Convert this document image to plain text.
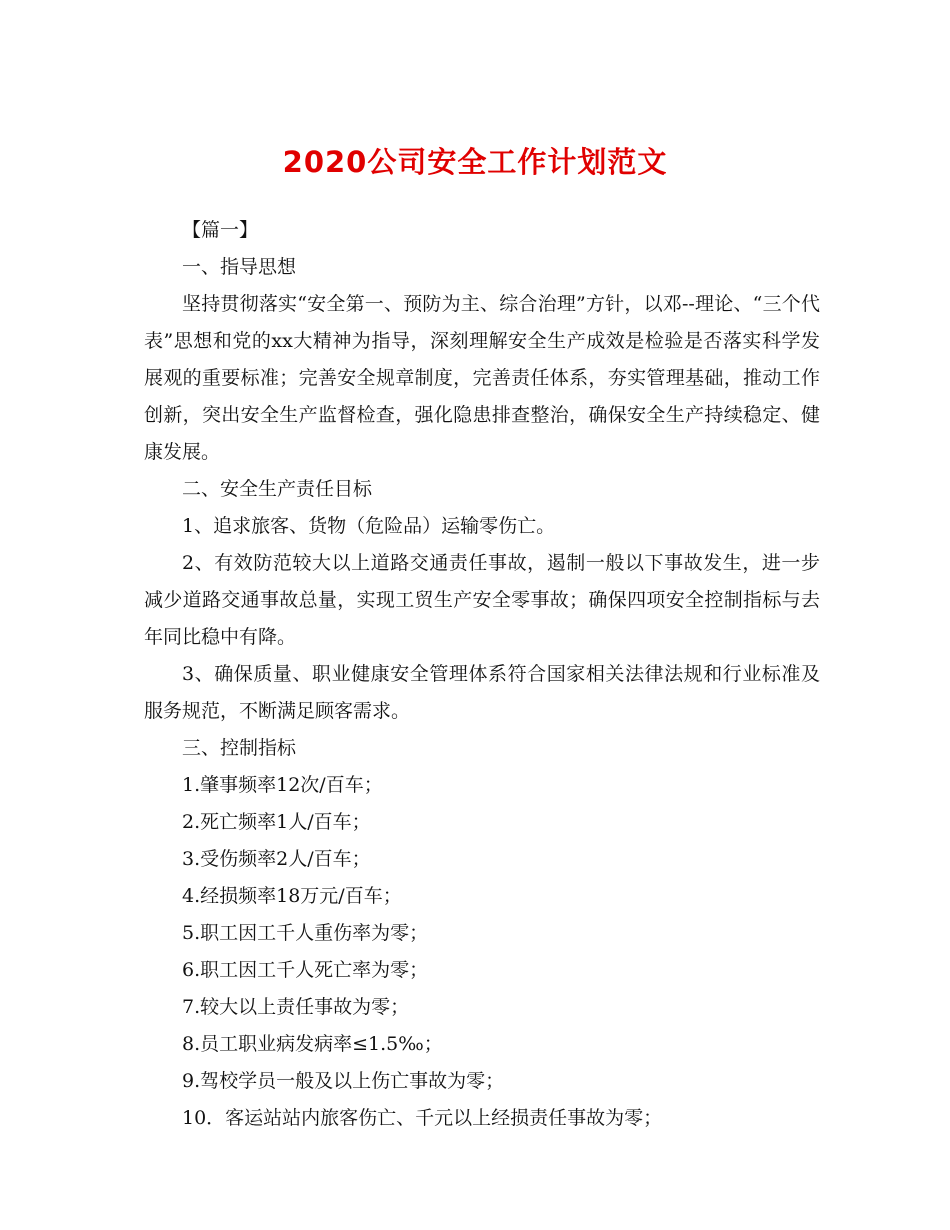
2020公司安全工作计划范文

【篇一】

一、指导思想

坚持贯彻落实“安全第一、预防为主、综合治理”方针，以邓--理论、“三个代表”思想和党的xx大精神为指导，深刻理解安全生产成效是检验是否落实科学发展观的重要标准；完善安全规章制度，完善责任体系，夯实管理基础，推动工作创新，突出安全生产监督检查，强化隐患排查整治，确保安全生产持续稳定、健康发展。

二、安全生产责任目标

1、追求旅客、货物（危险品）运输零伤亡。

2、有效防范较大以上道路交通责任事故，遏制一般以下事故发生，进一步减少道路交通事故总量，实现工贸生产安全零事故；确保四项安全控制指标与去年同比稳中有降。

3、确保质量、职业健康安全管理体系符合国家相关法律法规和行业标准及服务规范，不断满足顾客需求。

三、控制指标

1.肇事频率12次/百车；

2.死亡频率1人/百车；

3.受伤频率2人/百车；

4.经损频率18万元/百车；

5.职工因工千人重伤率为零；

6.职工因工千人死亡率为零；

7.较大以上责任事故为零；

8.员工职业病发病率≤1.5‰；

9.驾校学员一般及以上伤亡事故为零；

10．客运站站内旅客伤亡、千元以上经损责任事故为零；
